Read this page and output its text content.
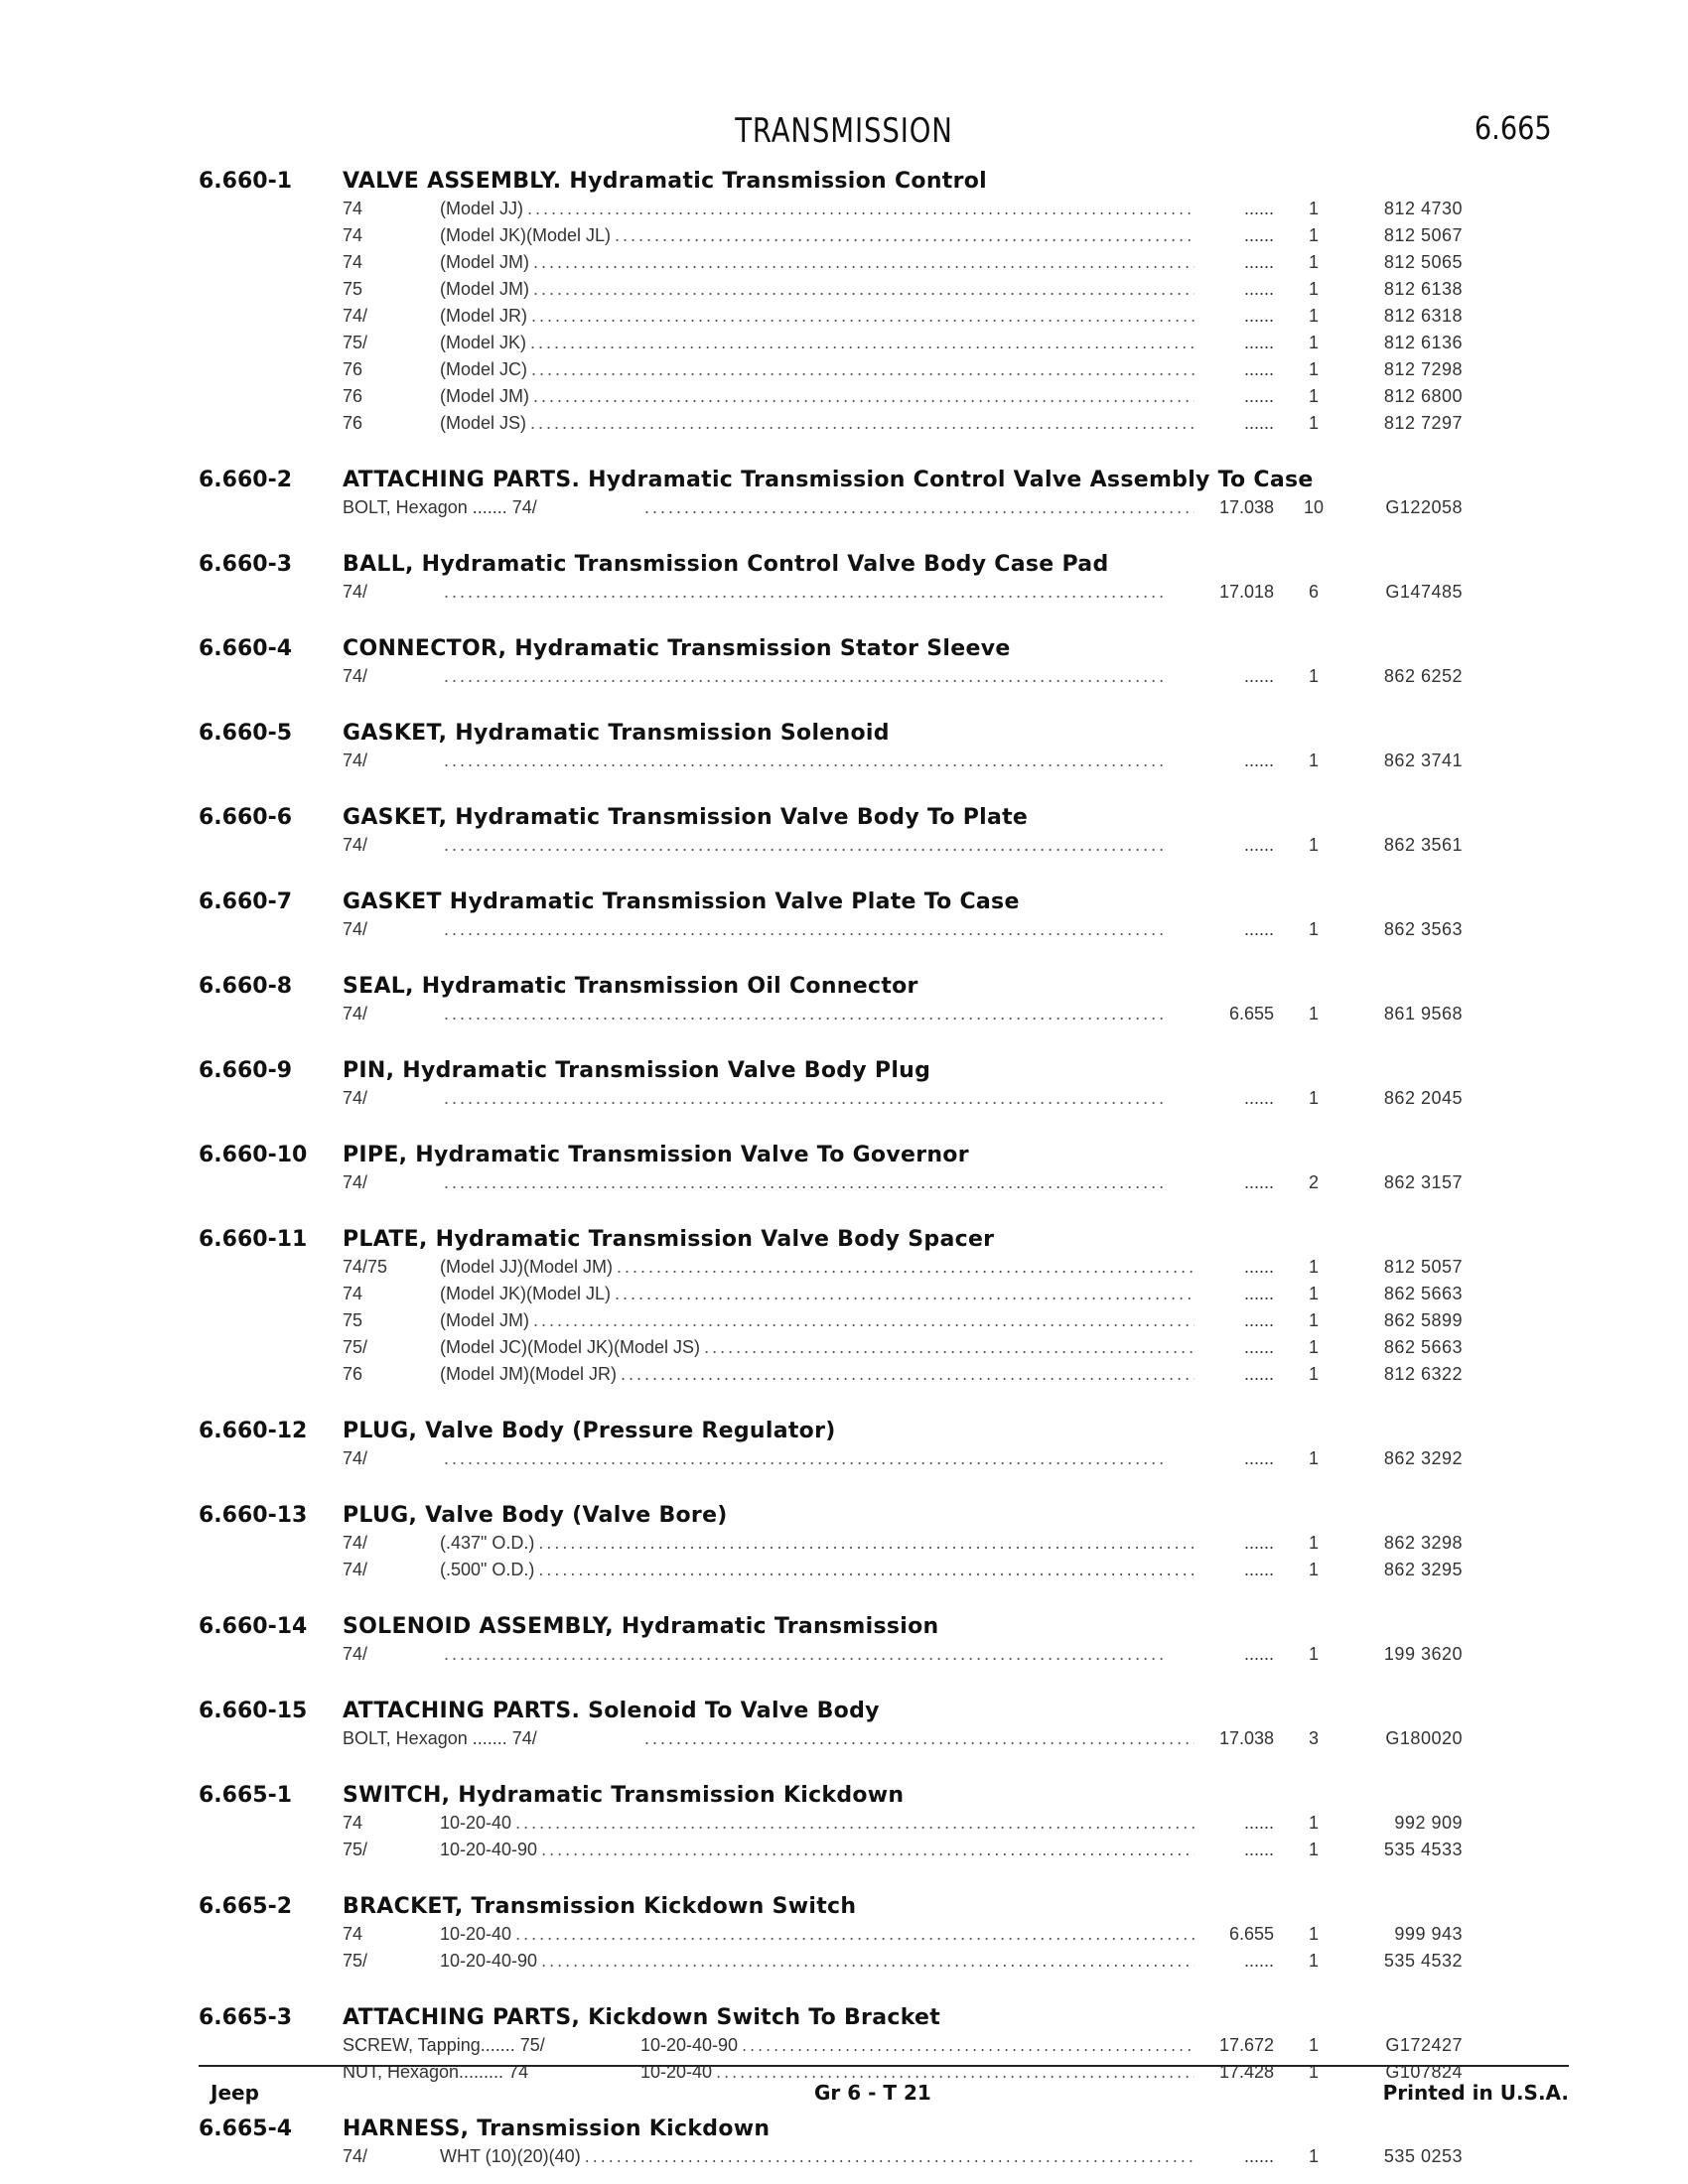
TRANSMISSION	6.665
6.660-1	VALVE ASSEMBLY. Hydramatic Transmission Control
74	(Model JJ) . . .	......	1	812 4730
74	(Model JK)(Model JL) . . .	......	1	812 5067
74	(Model JM) . . .	......	1	812 5065
75	(Model JM) . . .	......	1	812 6138
74/	(Model JR) . . .	......	1	812 6318
75/	(Model JK) . . .	......	1	812 6136
76	(Model JC) . . .	......	1	812 7298
76	(Model JM) . . .	......	1	812 6800
76	(Model JS) . . .	......	1	812 7297
6.660-2	ATTACHING PARTS. Hydramatic Transmission Control Valve Assembly To Case
BOLT, Hexagon ....... 74/ . . .	17.038	10	G122058
6.660-3	BALL, Hydramatic Transmission Control Valve Body Case Pad
74/ . . .	17.018	6	G147485
6.660-4	CONNECTOR, Hydramatic Transmission Stator Sleeve
74/ . . .	......	1	862 6252
6.660-5	GASKET, Hydramatic Transmission Solenoid
74/ . . .	......	1	862 3741
6.660-6	GASKET, Hydramatic Transmission Valve Body To Plate
74/ . . .	......	1	862 3561
6.660-7	GASKET Hydramatic Transmission Valve Plate To Case
74/ . . .	......	1	862 3563
6.660-8	SEAL, Hydramatic Transmission Oil Connector
74/ . . .	6.655	1	861 9568
6.660-9	PIN, Hydramatic Transmission Valve Body Plug
74/ . . .	......	1	862 2045
6.660-10	PIPE, Hydramatic Transmission Valve To Governor
74/ . . .	......	2	862 3157
6.660-11	PLATE, Hydramatic Transmission Valve Body Spacer
74/75	(Model JJ)(Model JM) . . .	......	1	812 5057
74	(Model JK)(Model JL) . . .	......	1	862 5663
75	(Model JM) . . .	......	1	862 5899
75/	(Model JC)(Model JK)(Model JS) . . .	......	1	862 5663
76	(Model JM)(Model JR) . . .	......	1	812 6322
6.660-12	PLUG, Valve Body (Pressure Regulator)
74/ . . .	......	1	862 3292
6.660-13	PLUG, Valve Body (Valve Bore)
74/	(.437" O.D.) . . .	......	1	862 3298
74/	(.500" O.D.) . . .	......	1	862 3295
6.660-14	SOLENOID ASSEMBLY, Hydramatic Transmission
74/ . . .	......	1	199 3620
6.660-15	ATTACHING PARTS. Solenoid To Valve Body
BOLT, Hexagon ....... 74/ . . .	17.038	3	G180020
6.665-1	SWITCH, Hydramatic Transmission Kickdown
74	10-20-40 . . .	......	1	992 909
75/	10-20-40-90 . . .	......	1	535 4533
6.665-2	BRACKET, Transmission Kickdown Switch
74	10-20-40 . . .	6.655	1	999 943
75/	10-20-40-90 . . .	......	1	535 4532
6.665-3	ATTACHING PARTS, Kickdown Switch To Bracket
SCREW, Tapping....... 75/	10-20-40-90 . . .	17.672	1	G172427
NUT, Hexagon......... 74	10-20-40 . . .	17.428	1	G107824
6.665-4	HARNESS, Transmission Kickdown
74/	WHT (10)(20)(40) . . .	......	1	535 0253
Jeep	Gr 6 - T 21	Printed in U.S.A.
